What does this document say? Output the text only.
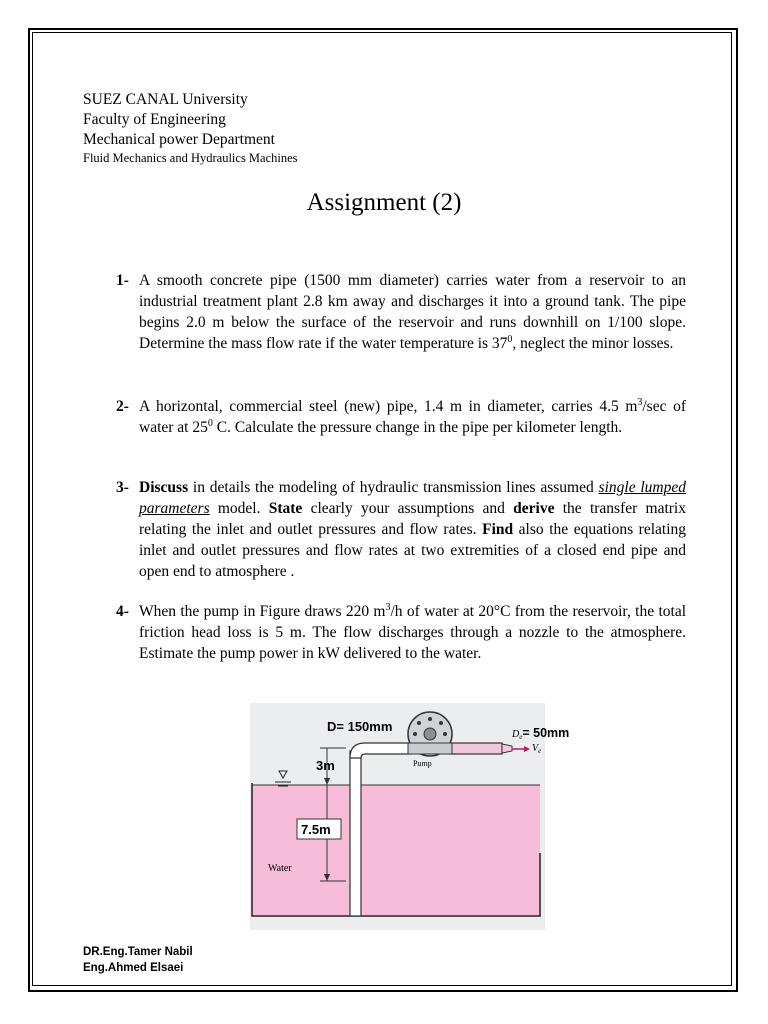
SUEZ CANAL University
Faculty of Engineering
Mechanical power Department
Fluid Mechanics and Hydraulics Machines
Assignment (2)
1- A smooth concrete pipe (1500 mm diameter) carries water from a reservoir to an industrial treatment plant 2.8 km away and discharges it into a ground tank. The pipe begins 2.0 m below the surface of the reservoir and runs downhill on 1/100 slope. Determine the mass flow rate if the water temperature is $37^0$, neglect the minor losses.
2- A horizontal, commercial steel (new) pipe, 1.4 m in diameter, carries 4.5 $m^3/\sec$ of water at $25^0$ C. Calculate the pressure change in the pipe per kilometer length.
3- Discuss in details the modeling of hydraulic transmission lines assumed single lumped parameters model. State clearly your assumptions and derive the transfer matrix relating the inlet and outlet pressures and flow rates. Find also the equations relating inlet and outlet pressures and flow rates at two extremities of a closed end pipe and open end to atmosphere .
4- When the pump in Figure draws 220 $m^3/h$ of water at 20°C from the reservoir, the total friction head loss is 5 m. The flow discharges through a nozzle to the atmosphere. Estimate the pump power in kW delivered to the water.
D= 150mm
De= 50mm
$V_e$
Pump
3m
7.5m
Water
DR.Eng.Tamer Nabil
Eng.Ahmed Elsaei
